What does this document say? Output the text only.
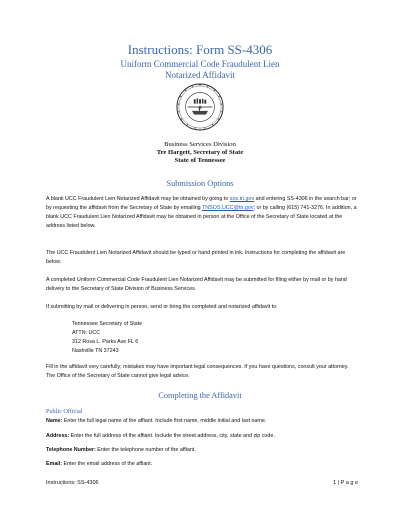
Instructions: Form SS-4306
Uniform Commercial Code Fraudulent Lien
Notarized Affidavit
Business Services Division
Tre Hargett, Secretary of State
State of Tennessee
Submission Options

A blank UCC Fraudulent Lien Notarized Affidavit may be obtained by going to sos.tn.gov and entering SS-4306 in the search bar; or by requesting the affidavit from the Secretary of State by emailing TNSOS.UCC@tn.gov; or by calling (615) 741-3276. In addition, a blank UCC Fraudulent Lien Notarized Affidavit may be obtained in person at the Office of the Secretary of State located at the address listed below.

The UCC Fraudulent Lien Notarized Affidavit should be typed or hand printed in ink. Instructions for completing the affidavit are below.

A completed Uniform Commercial Code Fraudulent Lien Notarized Affidavit may be submitted for filing either by mail or by hand delivery to the Secretary of State Division of Business Services.

If submitting by mail or delivering in person, send or bring the completed and notarized affidavit to:

Tennessee Secretary of State
ATTN: UCC
312 Rosa L. Parks Ave FL 6
Nashville TN 37243

Fill in the affidavit very carefully; mistakes may have important legal consequences. If you have questions, consult your attorney. The Office of the Secretary of State cannot give legal advice.

Completing the Affidavit
Public Official

Name: Enter the full legal name of the affiant. Include first name, middle initial and last name.

Address: Enter the full address of the affiant. Include the street address, city, state and zip code.

Telephone Number: Enter the telephone number of the affiant.

Email: Enter the email address of the affiant.

Instructions: SS-4306	1 | P a g e
